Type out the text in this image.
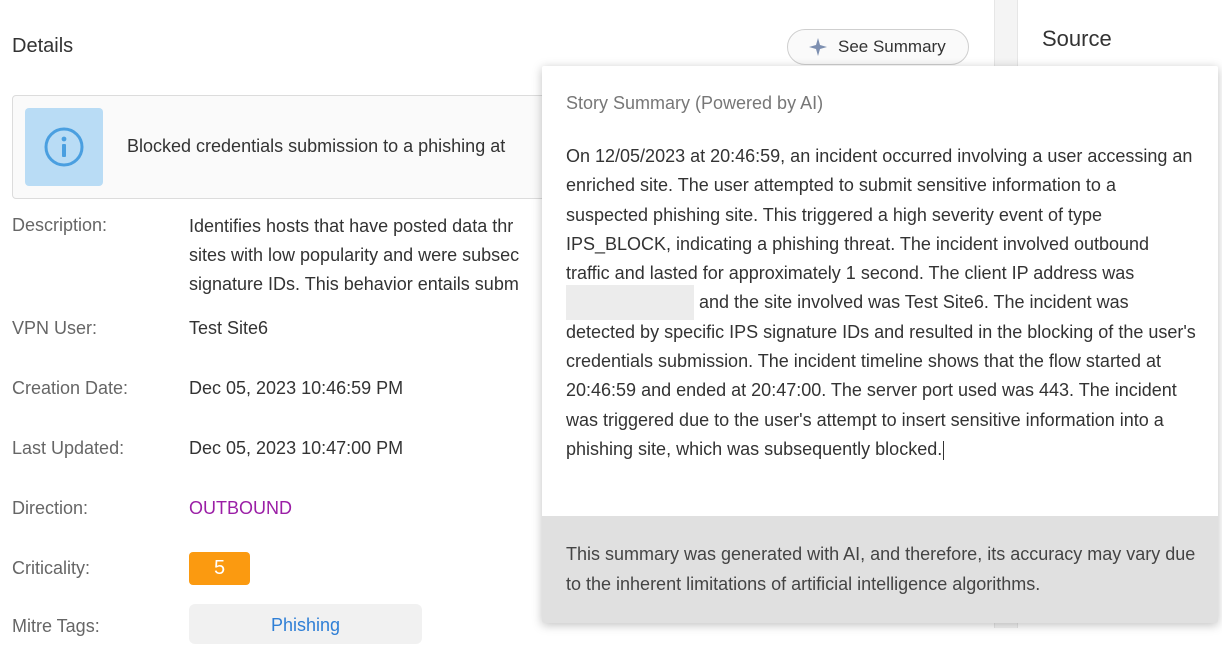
Details	See Summary
Blocked credentials submission to a phishing at
Description:	Identifies hosts that have posted data thr
sites with low popularity and were subsec
signature IDs. This behavior entails subm
VPN User:	Test Site6
Creation Date:	Dec 05, 2023 10:46:59 PM
Last Updated:	Dec 05, 2023 10:47:00 PM
Direction:	OUTBOUND
Criticality:	5
Mitre Tags:	Phishing
Source
Story Summary (Powered by AI)
On 12/05/2023 at 20:46:59, an incident occurred involving a user accessing an enriched site. The user attempted to submit sensitive information to a suspected phishing site. This triggered a high severity event of type IPS_BLOCK, indicating a phishing threat. The incident involved outbound traffic and lasted for approximately 1 second. The client IP address was  and the site involved was Test Site6. The incident was detected by specific IPS signature IDs and resulted in the blocking of the user's credentials submission. The incident timeline shows that the flow started at 20:46:59 and ended at 20:47:00. The server port used was 443. The incident was triggered due to the user's attempt to insert sensitive information into a phishing site, which was subsequently blocked.
This summary was generated with AI, and therefore, its accuracy may vary due to the inherent limitations of artificial intelligence algorithms.
